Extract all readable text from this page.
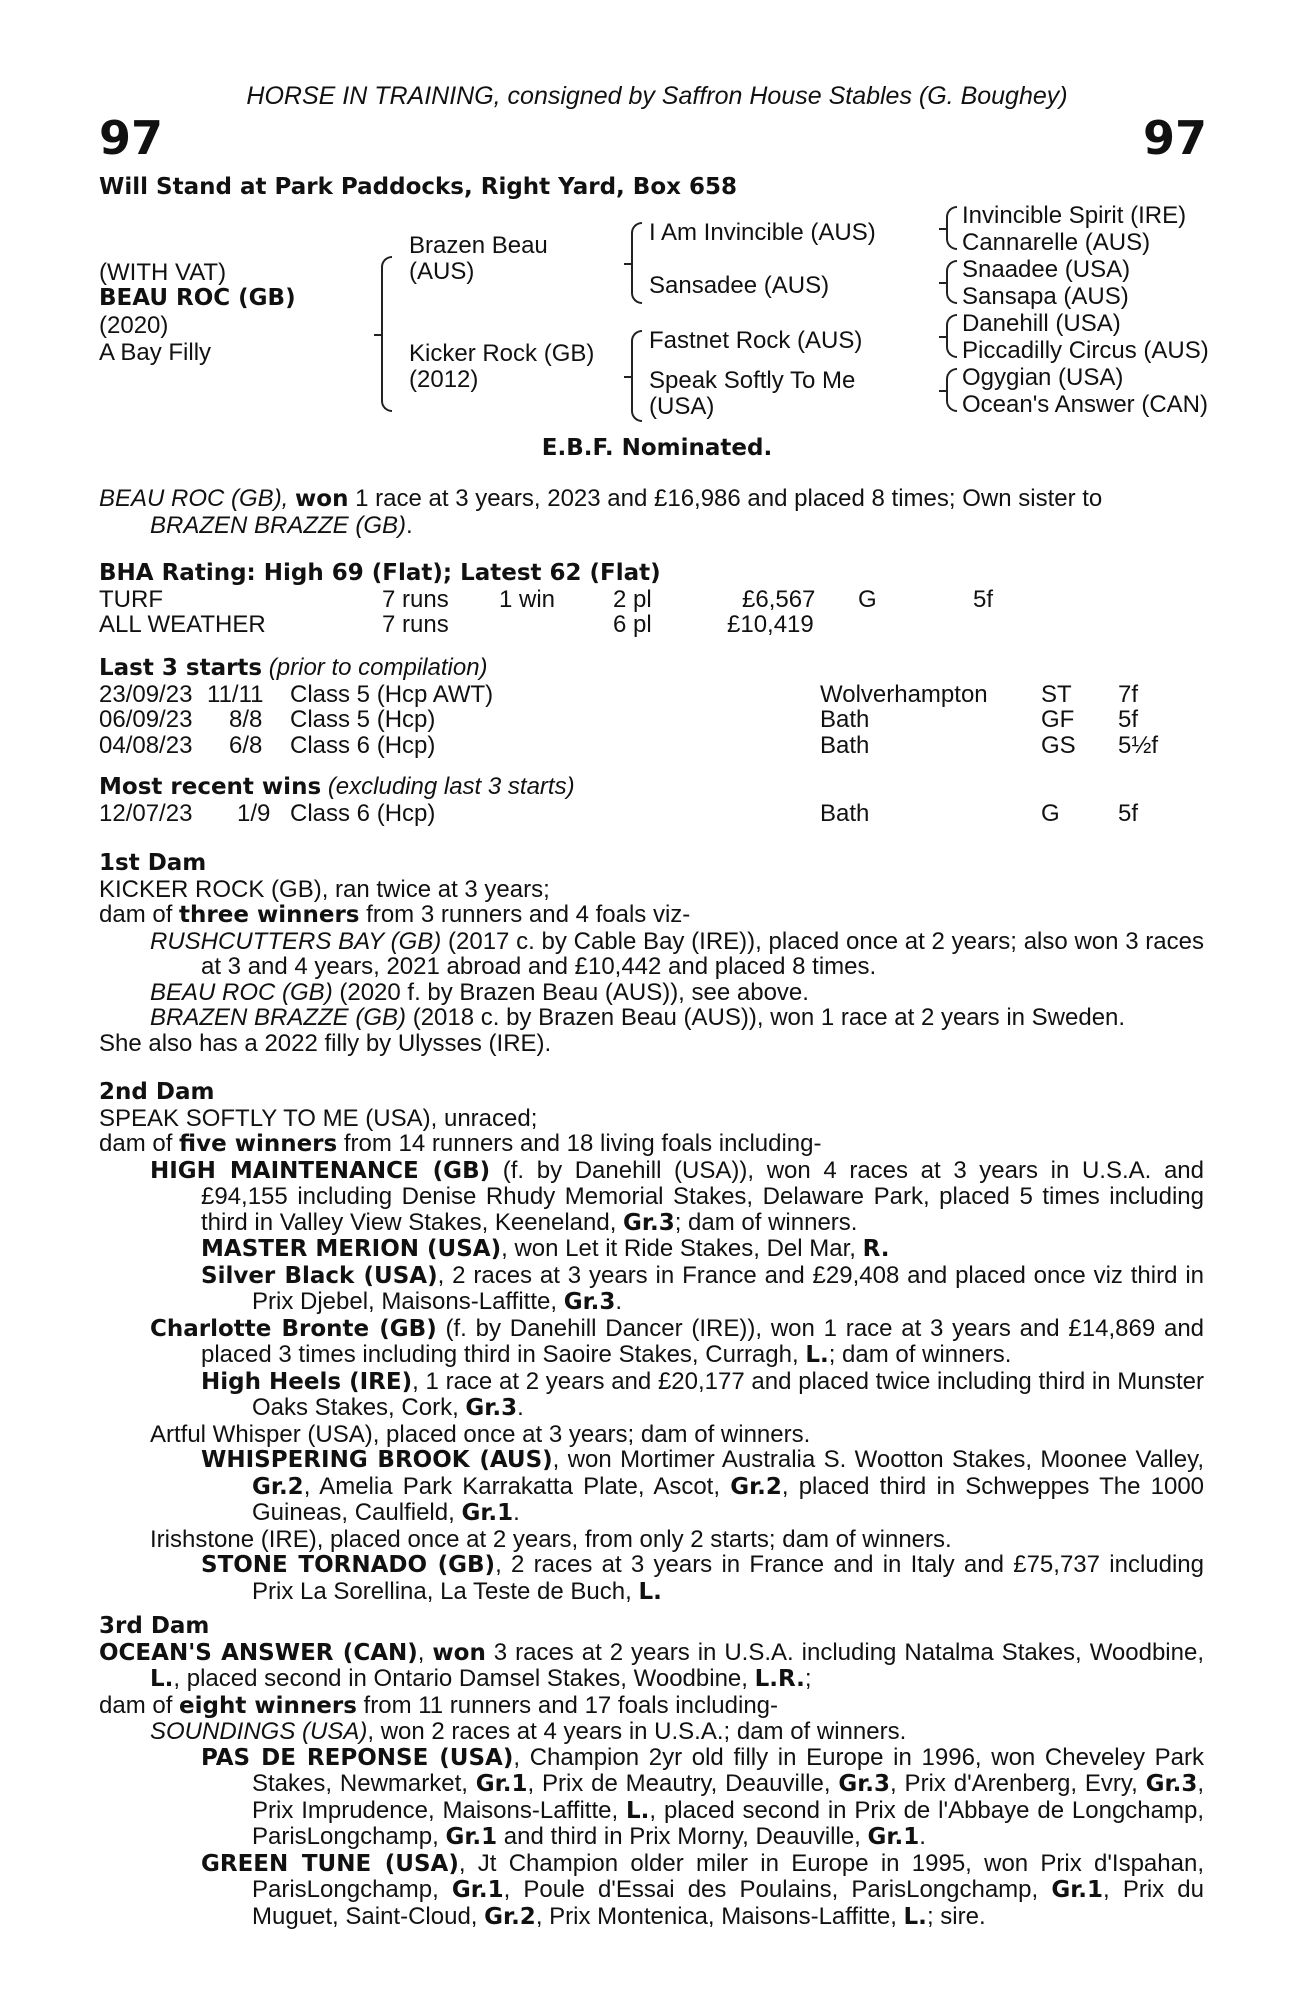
HORSE IN TRAINING, consigned by Saffron House Stables (G. Boughey)
97	97
Will Stand at Park Paddocks, Right Yard, Box 658
(WITH VAT)
BEAU ROC (GB)
(2020)
A Bay Filly
Brazen Beau
(AUS)
Kicker Rock (GB)
(2012)
I Am Invincible (AUS)
Sansadee (AUS)
Fastnet Rock (AUS)
Speak Softly To Me
(USA)
Invincible Spirit (IRE)
Cannarelle (AUS)
Snaadee (USA)
Sansapa (AUS)
Danehill (USA)
Piccadilly Circus (AUS)
Ogygian (USA)
Ocean's Answer (CAN)
E.B.F. Nominated.
BEAU ROC (GB), won 1 race at 3 years, 2023 and £16,986 and placed 8 times; Own sister to
BRAZEN BRAZZE (GB).
BHA Rating: High 69 (Flat); Latest 62 (Flat)
TURF	7 runs 1 win 2 pl	£6,567 G	5f
ALL WEATHER	7 runs	6 pl	£10,419
Last 3 starts (prior to compilation)
23/09/23 11/11 Class 5 (Hcp AWT)	Wolverhampton ST 7f
06/09/23 8/8 Class 5 (Hcp)	Bath	GF 5f
04/08/23 6/8 Class 6 (Hcp)	Bath	GS 5½f
Most recent wins (excluding last 3 starts)
12/07/23 1/9 Class 6 (Hcp)	Bath	G 5f
1st Dam
KICKER ROCK (GB), ran twice at 3 years;
dam of three winners from 3 runners and 4 foals viz-
RUSHCUTTERS BAY (GB) (2017 c. by Cable Bay (IRE)), placed once at 2 years; also won 3 races at 3 and 4 years, 2021 abroad and £10,442 and placed 8 times.
BEAU ROC (GB) (2020 f. by Brazen Beau (AUS)), see above.
BRAZEN BRAZZE (GB) (2018 c. by Brazen Beau (AUS)), won 1 race at 2 years in Sweden.
She also has a 2022 filly by Ulysses (IRE).
2nd Dam
SPEAK SOFTLY TO ME (USA), unraced;
dam of five winners from 14 runners and 18 living foals including-
HIGH MAINTENANCE (GB) (f. by Danehill (USA)), won 4 races at 3 years in U.S.A. and £94,155 including Denise Rhudy Memorial Stakes, Delaware Park, placed 5 times including third in Valley View Stakes, Keeneland, Gr.3; dam of winners.
MASTER MERION (USA), won Let it Ride Stakes, Del Mar, R.
Silver Black (USA), 2 races at 3 years in France and £29,408 and placed once viz third in Prix Djebel, Maisons-Laffitte, Gr.3.
Charlotte Bronte (GB) (f. by Danehill Dancer (IRE)), won 1 race at 3 years and £14,869 and placed 3 times including third in Saoire Stakes, Curragh, L.; dam of winners.
High Heels (IRE), 1 race at 2 years and £20,177 and placed twice including third in Munster Oaks Stakes, Cork, Gr.3.
Artful Whisper (USA), placed once at 3 years; dam of winners.
WHISPERING BROOK (AUS), won Mortimer Australia S. Wootton Stakes, Moonee Valley, Gr.2, Amelia Park Karrakatta Plate, Ascot, Gr.2, placed third in Schweppes The 1000 Guineas, Caulfield, Gr.1.
Irishstone (IRE), placed once at 2 years, from only 2 starts; dam of winners.
STONE TORNADO (GB), 2 races at 3 years in France and in Italy and £75,737 including Prix La Sorellina, La Teste de Buch, L.
3rd Dam
OCEAN'S ANSWER (CAN), won 3 races at 2 years in U.S.A. including Natalma Stakes, Woodbine, L., placed second in Ontario Damsel Stakes, Woodbine, L.R.;
dam of eight winners from 11 runners and 17 foals including-
SOUNDINGS (USA), won 2 races at 4 years in U.S.A.; dam of winners.
PAS DE REPONSE (USA), Champion 2yr old filly in Europe in 1996, won Cheveley Park Stakes, Newmarket, Gr.1, Prix de Meautry, Deauville, Gr.3, Prix d'Arenberg, Evry, Gr.3, Prix Imprudence, Maisons-Laffitte, L., placed second in Prix de l'Abbaye de Longchamp, ParisLongchamp, Gr.1 and third in Prix Morny, Deauville, Gr.1.
GREEN TUNE (USA), Jt Champion older miler in Europe in 1995, won Prix d'Ispahan, ParisLongchamp, Gr.1, Poule d'Essai des Poulains, ParisLongchamp, Gr.1, Prix du Muguet, Saint-Cloud, Gr.2, Prix Montenica, Maisons-Laffitte, L.; sire.
